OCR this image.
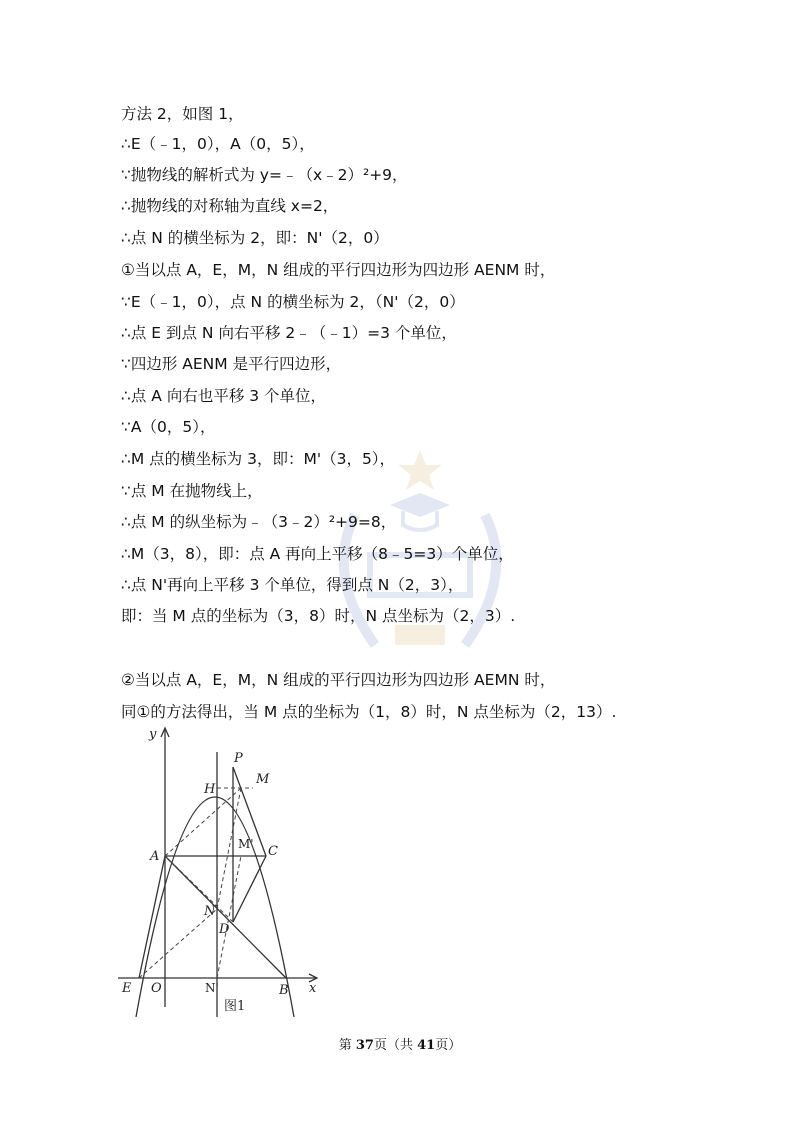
方法 2，如图 1，
∴E（﹣1，0），A（0，5），
∵抛物线的解析式为 y=﹣（x﹣2）²+9，
∴抛物线的对称轴为直线 x=2，
∴点 N 的横坐标为 2，即：N'（2，0）
①当以点 A，E，M，N 组成的平行四边形为四边形 AENM 时，
∵E（﹣1，0），点 N 的横坐标为 2，（N'（2，0）
∴点 E 到点 N 向右平移 2﹣（﹣1）=3 个单位，
∵四边形 AENM 是平行四边形，
∴点 A 向右也平移 3 个单位，
∵A（0，5），
∴M 点的横坐标为 3，即：M'（3，5），
∵点 M 在抛物线上，
∴点 M 的纵坐标为﹣（3﹣2）²+9=8，
∴M（3，8），即：点 A 再向上平移（8﹣5=3）个单位，
∴点 N'再向上平移 3 个单位，得到点 N（2，3），
即：当 M 点的坐标为（3，8）时，N 点坐标为（2，3）.
②当以点 A，E，M，N 组成的平行四边形为四边形 AEMN 时，
同①的方法得出，当 M 点的坐标为（1，8）时，N 点坐标为（2，13）.
y
x
P
M
H
A
M' C
N
D
E O	N'	B
图1
第 37页（共 41页）
